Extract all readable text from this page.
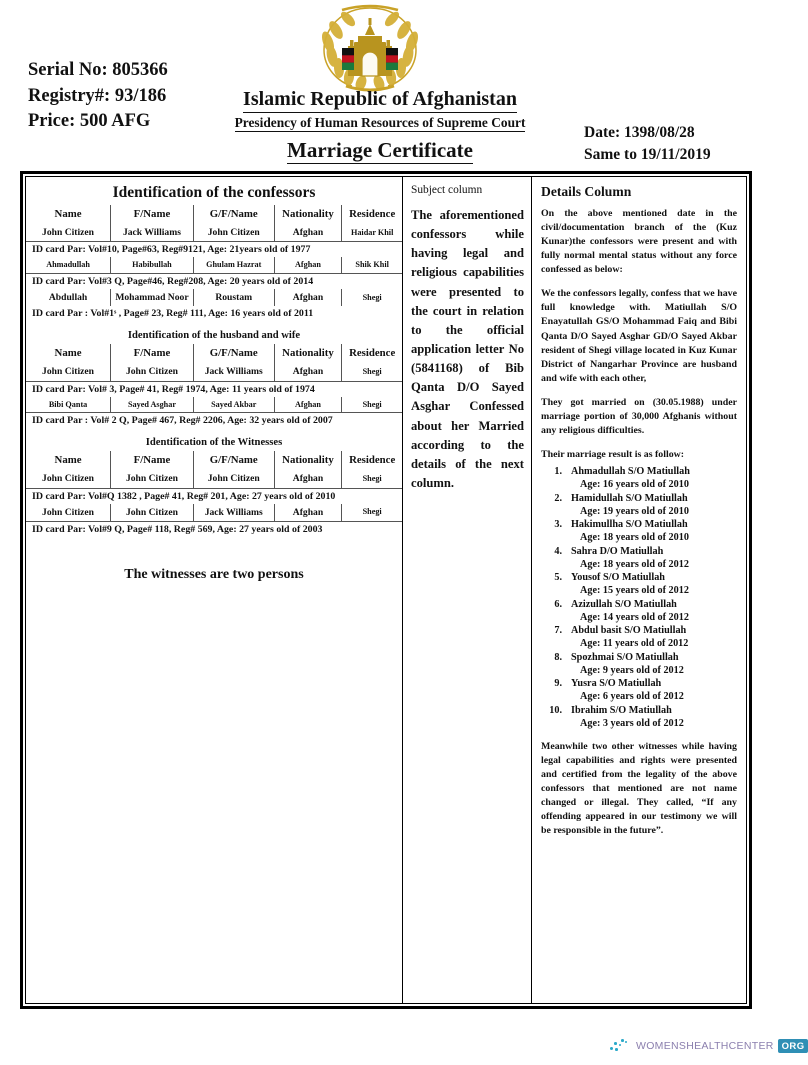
Serial No: 805366
Registry#: 93/186
Price: 500 AFG
Islamic Republic of Afghanistan
Presidency of Human Resources of Supreme Court
Marriage Certificate
Date: 1398/08/28
Same to 19/11/2019
Identification of the confessors
Name	F/Name	G/F/Name	Nationality	Residence
John Citizen	Jack Williams	John Citizen	Afghan	Haidar Khil
ID card Par: Vol#10, Page#63, Reg#9121, Age: 21years old of 1977				
Ahmadullah	Habibullah	Ghulam Hazrat	Afghan	Shik Khil
ID card Par: Vol#3 Q, Page#46, Reg#208, Age: 20 years old of 2014				
Abdullah	Mohammad Noor	Roustam	Afghan	Shegi
ID card Par : Vol#1ˢ , Page# 23, Reg# 111, Age: 16 years old of 2011				
Identification of the husband and wife
Name	F/Name	G/F/Name	Nationality	Residence
John Citizen	John Citizen	Jack Williams	Afghan	Shegi
ID card Par: Vol# 3, Page# 41, Reg# 1974, Age: 11 years old of 1974				
Bibi Qanta	Sayed Asghar	Sayed Akbar	Afghan	Shegi
ID card Par : Vol# 2 Q, Page# 467, Reg# 2206, Age: 32 years old of 2007				
Identification of the Witnesses
Name	F/Name	G/F/Name	Nationality	Residence
John Citizen	John Citizen	John Citizen	Afghan	Shegi
ID card Par: Vol#Q 1382 , Page# 41, Reg# 201, Age: 27 years old of 2010				
John Citizen	John Citizen	Jack Williams	Afghan	Shegi
ID card Par: Vol#9 Q, Page# 118, Reg# 569, Age: 27 years old of 2003				
The witnesses are two persons
Subject column
The aforementioned confessors while having legal and religious capabilities were presented to the court in relation to the official application letter No (5841168) of Bib Qanta D/O Sayed Asghar Confessed about her Married according to the details of the next column.
Details Column

On the above mentioned date in the civil/documentation branch of the (Kuz Kunar)the confessors were present and with fully normal mental status without any force confessed as below:

We the confessors legally, confess that we have full knowledge with. Matiullah S/O Enayatullah GS/O Mohammad Faiq and Bibi Qanta D/O Sayed Asghar GD/O Sayed Akbar resident of Shegi village located in Kuz Kunar District of Nangarhar Province are husband and wife with each other,

They got married on (30.05.1988) under marriage portion of 30,000 Afghanis without any religious difficulties.

Their marriage result is as follow:

1. Ahmadullah S/O Matiullah
Age: 16 years old of 2010
2. Hamidullah S/O Matiullah
Age: 19 years old of 2010
3. Hakimullha S/O Matiullah
Age: 18 years old of 2010
4. Sahra D/O Matiullah
Age: 18 years old of 2012
5. Yousof S/O Matiullah
Age: 15 years old of 2012
6. Azizullah S/O Matiullah
Age: 14 years old of 2012
7. Abdul basit S/O Matiullah
Age: 11 years old of 2012
8. Spozhmai S/O Matiullah
Age: 9 years old of 2012
9. Yusra S/O Matiullah
Age: 6 years old of 2012
10. Ibrahim S/O Matiullah
Age: 3 years old of 2012

Meanwhile two other witnesses while having legal capabilities and rights were presented and certified from the legality of the above confessors that mentioned are not name changed or illegal. They called, “If any offending appeared in our testimony we will be responsible in the future”.

WOMENSHEALTHCENTER ORG
